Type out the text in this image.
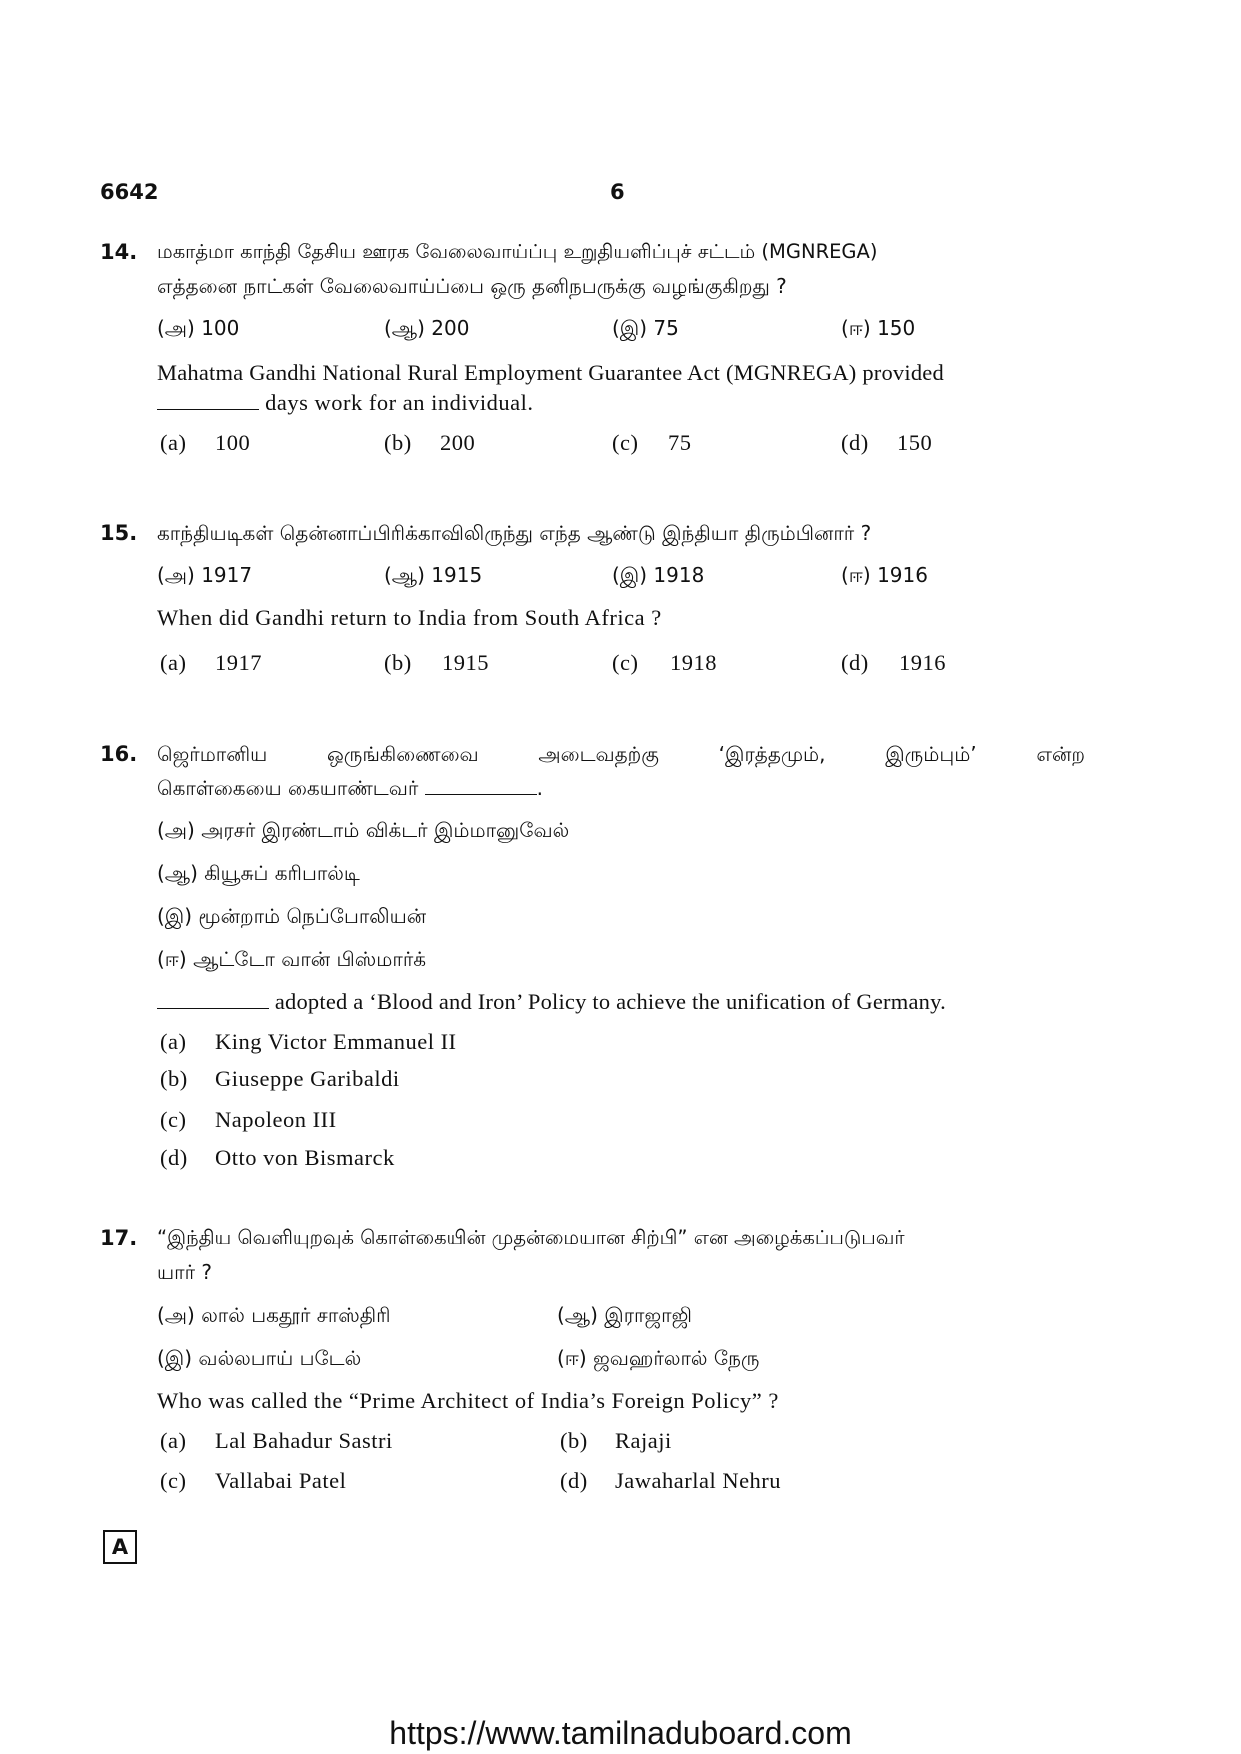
6642	6
14. மகாத்மா காந்தி தேசிய ஊரக வேலைவாய்ப்பு உறுதியளிப்புச் சட்டம் (MGNREGA)
எத்தனை நாட்கள் வேலைவாய்ப்பை ஒரு தனிநபருக்கு வழங்குகிறது ?
(அ) 100	(ஆ) 200	(இ) 75	(ஈ) 150
Mahatma Gandhi National Rural Employment Guarantee Act (MGNREGA) provided
days work for an individual.
(a) 100	(b) 200	(c) 75	(d) 150
15. காந்தியடிகள் தென்னாப்பிரிக்காவிலிருந்து எந்த ஆண்டு இந்தியா திரும்பினார் ?
(அ) 1917	(ஆ) 1915	(இ) 1918	(ஈ) 1916
When did Gandhi return to India from South Africa ?
(a) 1917	(b) 1915	(c) 1918	(d) 1916
16. ஜெர்மானிய ஒருங்கிணைவை அடைவதற்கு ‘இரத்தமும், இரும்பும்’ என்ற
கொள்கையை கையாண்டவர்	.
(அ) அரசர் இரண்டாம் விக்டர் இம்மானுவேல்
(ஆ) கியூசுப் கரிபால்டி
(இ) மூன்றாம் நெப்போலியன்
(ஈ) ஆட்டோ வான் பிஸ்மார்க்
adopted a ‘Blood and Iron’ Policy to achieve the unification of Germany.
(a) King Victor Emmanuel II
(b) Giuseppe Garibaldi
(c) Napoleon III
(d) Otto von Bismarck
17. “இந்திய வெளியுறவுக் கொள்கையின் முதன்மையான சிற்பி” என அழைக்கப்படுபவர்
யார் ?
(அ) லால் பகதூர் சாஸ்திரி	(ஆ) இராஜாஜி
(இ) வல்லபாய் படேல்	(ஈ) ஜவஹர்லால் நேரு
Who was called the “Prime Architect of India’s Foreign Policy” ?
(a) Lal Bahadur Sastri	(b) Rajaji
(c) Vallabai Patel	(d) Jawaharlal Nehru
A
https://www.tamilnaduboard.com
